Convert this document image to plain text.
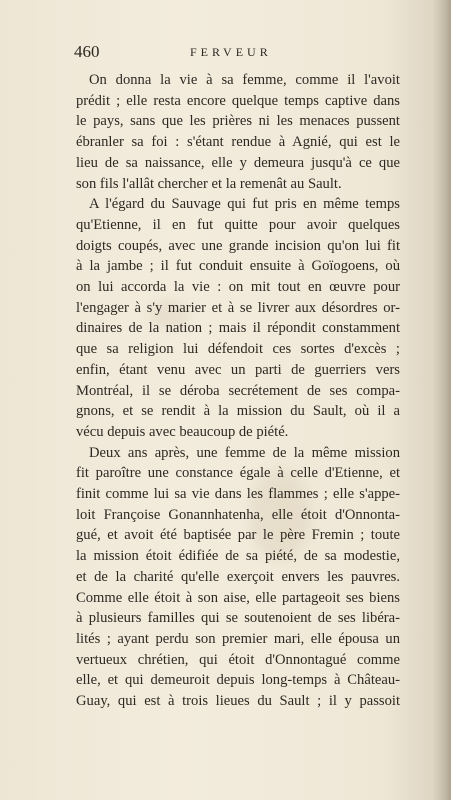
460	FERVEUR
On donna la vie à sa femme, comme il l'avoit
prédit ; elle resta encore quelque temps captive dans
le pays, sans que les prières ni les menaces pussent
ébranler sa foi : s'étant rendue à Agnié, qui est le
lieu de sa naissance, elle y demeura jusqu'à ce que
son fils l'allât chercher et la remenât au Sault.
A l'égard du Sauvage qui fut pris en même temps
qu'Etienne, il en fut quitte pour avoir quelques
doigts coupés, avec une grande incision qu'on lui fit
à la jambe ; il fut conduit ensuite à Goïogoens, où
on lui accorda la vie : on mit tout en œuvre pour
l'engager à s'y marier et à se livrer aux désordres or-
dinaires de la nation ; mais il répondit constamment
que sa religion lui défendoit ces sortes d'excès ;
enfin, étant venu avec un parti de guerriers vers
Montréal, il se déroba secrétement de ses compa-
gnons, et se rendit à la mission du Sault, où il a
vécu depuis avec beaucoup de piété.
Deux ans après, une femme de la même mission
fit paroître une constance égale à celle d'Etienne, et
finit comme lui sa vie dans les flammes ; elle s'appe-
loit Françoise Gonannhatenha, elle étoit d'Onnonta-
gué, et avoit été baptisée par le père Fremin ; toute
la mission étoit édifiée de sa piété, de sa modestie,
et de la charité qu'elle exerçoit envers les pauvres.
Comme elle étoit à son aise, elle partageoit ses biens
à plusieurs familles qui se soutenoient de ses libéra-
lités ; ayant perdu son premier mari, elle épousa un
vertueux chrétien, qui étoit d'Onnontagué comme
elle, et qui demeuroit depuis long-temps à Château-
Guay, qui est à trois lieues du Sault ; il y passoit
